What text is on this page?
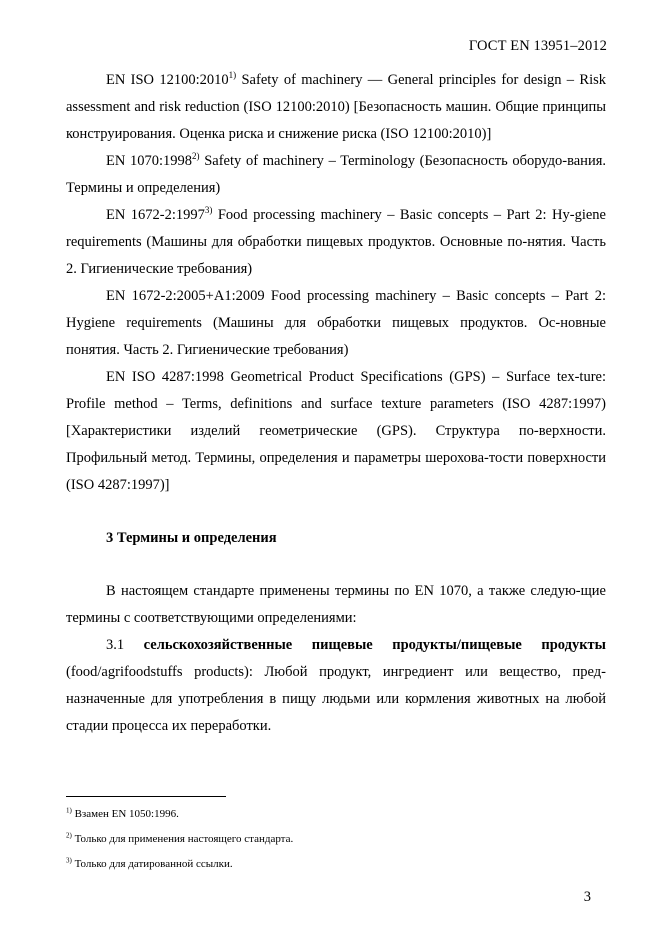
ГОСТ EN 13951–2012

EN ISO 12100:2010$^{1)}$ Safety of machinery — General principles for design – Risk assessment and risk reduction (ISO 12100:2010) [Безопасность машин. Общие принципы конструирования. Оценка риска и снижение риска (ISO 12100:2010)]

EN 1070:1998$^{2)}$ Safety of machinery – Terminology (Безопасность оборудо-вания. Термины и определения)

EN 1672-2:1997$^{3)}$ Food processing machinery – Basic concepts – Part 2: Hy-giene requirements (Машины для обработки пищевых продуктов. Основные по-нятия. Часть 2. Гигиенические требования)

EN 1672-2:2005+A1:2009 Food processing machinery – Basic concepts – Part 2: Hygiene requirements (Машины для обработки пищевых продуктов. Ос-новные понятия. Часть 2. Гигиенические требования)

EN ISO 4287:1998 Geometrical Product Specifications (GPS) – Surface tex-ture: Profile method – Terms, definitions and surface texture parameters (ISO 4287:1997) [Характеристики изделий геометрические (GPS). Структура по-верхности. Профильный метод. Термины, определения и параметры шерохова-тости поверхности (ISO 4287:1997)]

3 Термины и определения

В настоящем стандарте применены термины по EN 1070, а также следую-щие термины с соответствующими определениями:

3.1 сельскохозяйственные пищевые продукты/пищевые продукты (food/agrifoodstuffs products): Любой продукт, ингредиент или вещество, пред-назначенные для употребления в пищу людьми или кормления животных на любой стадии процесса их переработки.

$^{1)}$ Взамен EN 1050:1996.

$^{2)}$ Только для применения настоящего стандарта.

$^{3)}$ Только для датированной ссылки.

3
